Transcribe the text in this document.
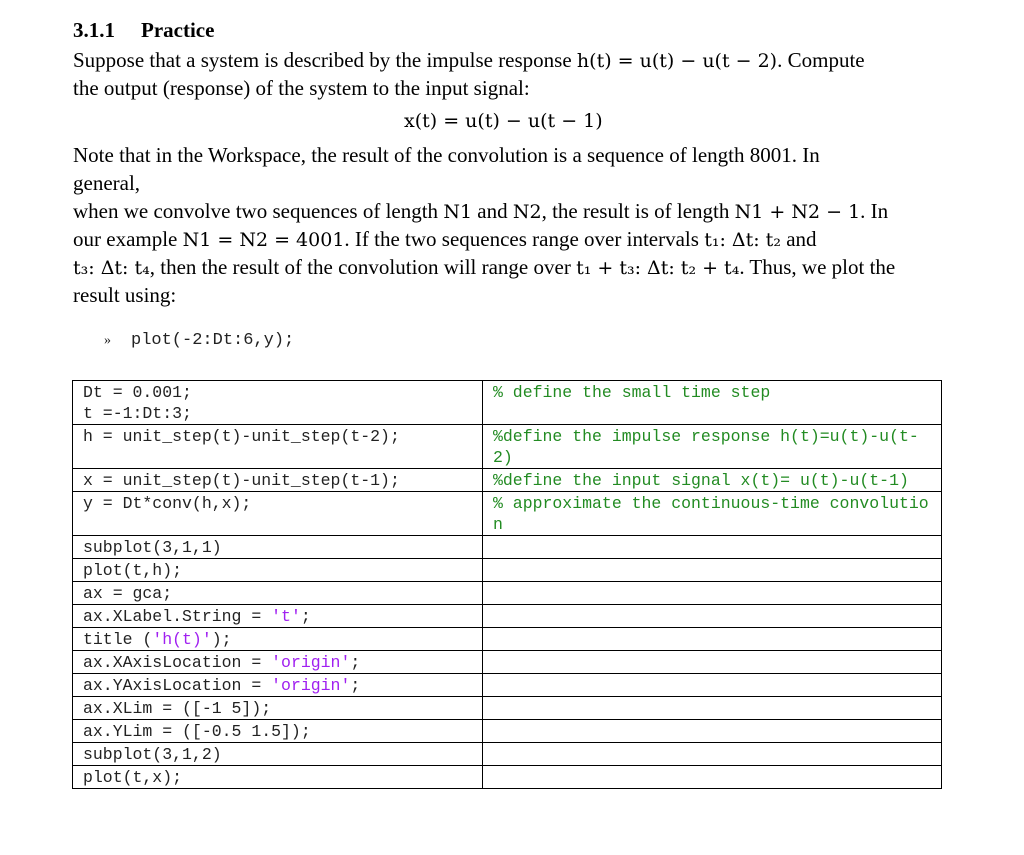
3.1.1 Practice
Suppose that a system is described by the impulse response h(t) = u(t) − u(t − 2). Compute
the output (response) of the system to the input signal:
x(t) = u(t) − u(t − 1)
Note that in the Workspace, the result of the convolution is a sequence of length 8001. In
general,
when we convolve two sequences of length N1 and N2, the result is of length N1 + N2 − 1. In
our example N1 = N2 = 4001. If the two sequences range over intervals t₁: Δt: t₂ and
t₃: Δt: t₄, then the result of the convolution will range over t₁ + t₃: Δt: t₂ + t₄. Thus, we plot the
result using:
» plot(-2:Dt:6,y);
Dt = 0.001;
t =-1:Dt:3;	% define the small time step

h = unit_step(t)-unit_step(t-2);	%define the impulse response h(t)=u(t)-u(t-2)

x = unit_step(t)-unit_step(t-1);	%define the input signal x(t)= u(t)-u(t-1)

y = Dt*conv(h,x);	% approximate the continuous-time convolution

subplot(3,1,1)	

plot(t,h);	

ax = gca;	

ax.XLabel.String = 't';	
title ('h(t)');	
ax.XAxisLocation = 'origin';	
ax.YAxisLocation = 'origin';	

ax.XLim = ([-1 5]);	

ax.YLim = ([-0.5 1.5]);	

subplot(3,1,2)	

plot(t,x);	
